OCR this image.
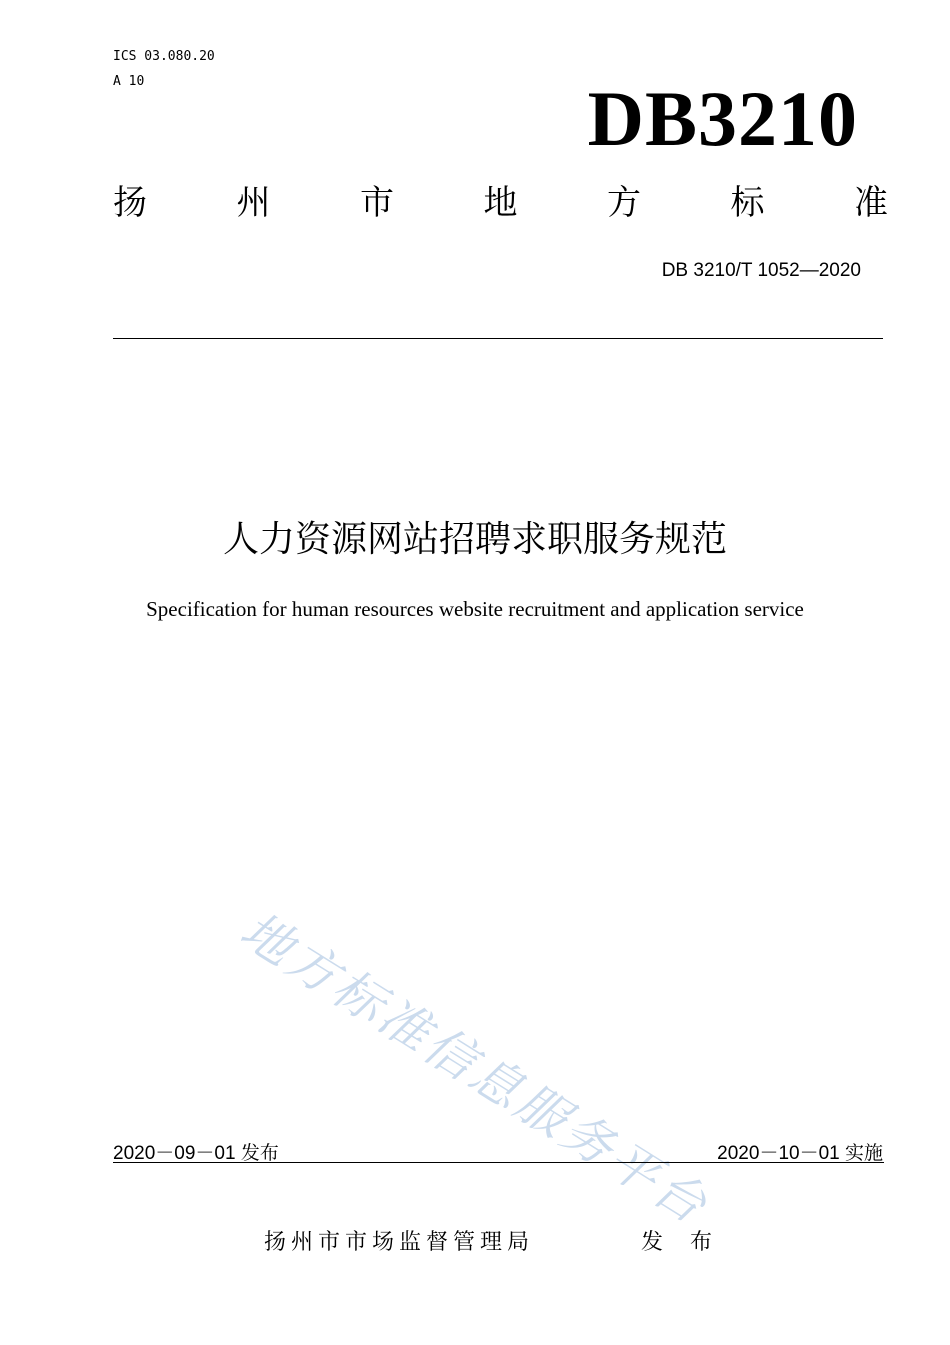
ICS 03.080.20
A 10	DB3210
扬	州	市	地	方	标	准
DB 3210/T 1052—2020
人力资源网站招聘求职服务规范
Specification for human resources website recruitment and application service
地方标准信息服务平台
2020－09－01 发布	2020－10－01 实施
扬州市市场监督管理局	发 布
